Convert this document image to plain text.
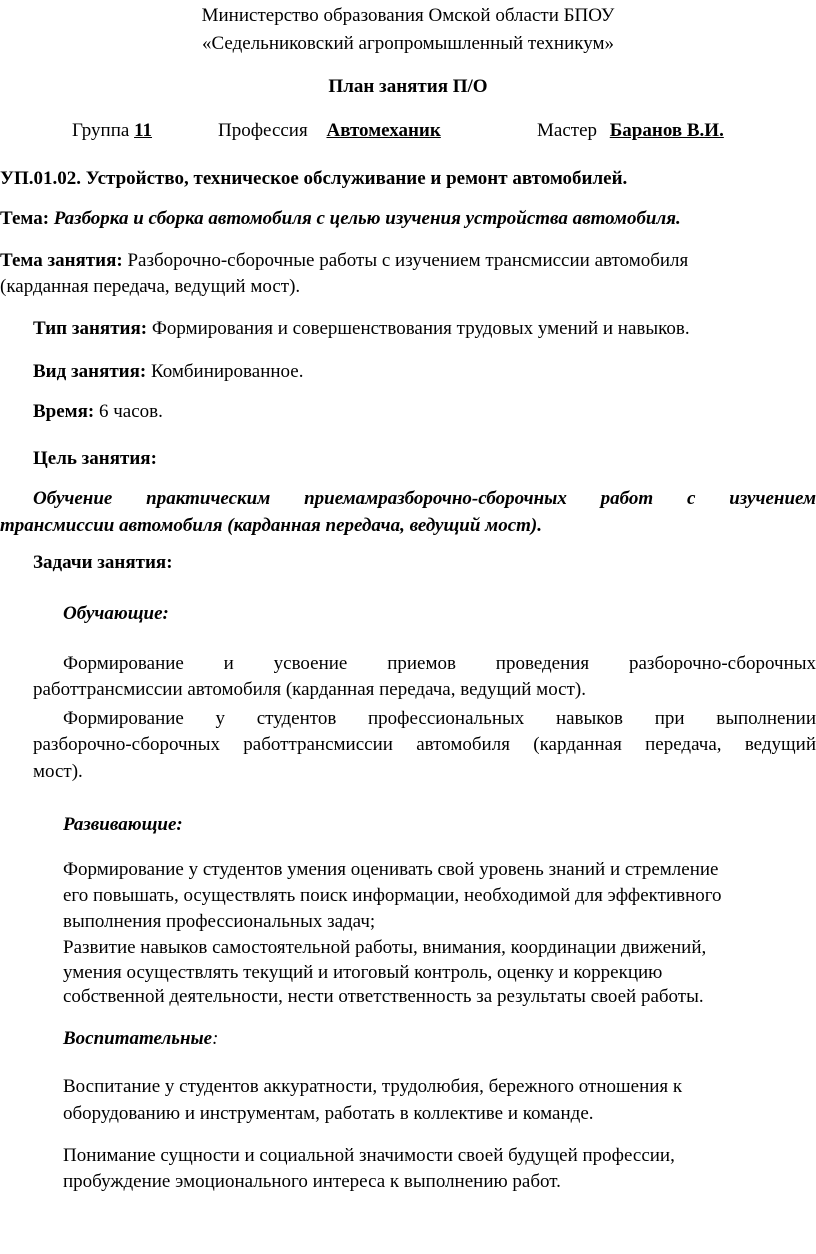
Министерство образования Омской области БПОУ
«Седельниковский агропромышленный техникум»
План занятия П/О
Группа 11	Профессия Автомеханик	Мастер Баранов В.И.
УП.01.02. Устройство, техническое обслуживание и ремонт автомобилей.
Тема: Разборка и сборка автомобиля с целью изучения устройства автомобиля.
Тема занятия: Разборочно-сборочные работы с изучением трансмиссии автомобиля
(карданная передача, ведущий мост).
Тип занятия: Формирования и совершенствования трудовых умений и навыков.
Вид занятия: Комбинированное.
Время: 6 часов.
Цель занятия:
Обучение практическим приемамразборочно-сборочных работ с изучением
трансмиссии автомобиля (карданная передача, ведущий мост).
Задачи занятия:
Обучающие:
Формирование и усвоение приемов проведения разборочно-сборочных
работтрансмиссии автомобиля (карданная передача, ведущий мост).
Формирование у студентов профессиональных навыков при выполнении
разборочно-сборочных работтрансмиссии автомобиля (карданная передача, ведущий
мост).
Развивающие:
Формирование у студентов умения оценивать свой уровень знаний и стремление
его повышать, осуществлять поиск информации, необходимой для эффективного
выполнения профессиональных задач;
Развитие навыков самостоятельной работы, внимания, координации движений,
умения осуществлять текущий и итоговый контроль, оценку и коррекцию
собственной деятельности, нести ответственность за результаты своей работы.
Воспитательные:
Воспитание у студентов аккуратности, трудолюбия, бережного отношения к
оборудованию и инструментам, работать в коллективе и команде.
Понимание сущности и социальной значимости своей будущей профессии,
пробуждение эмоционального интереса к выполнению работ.
